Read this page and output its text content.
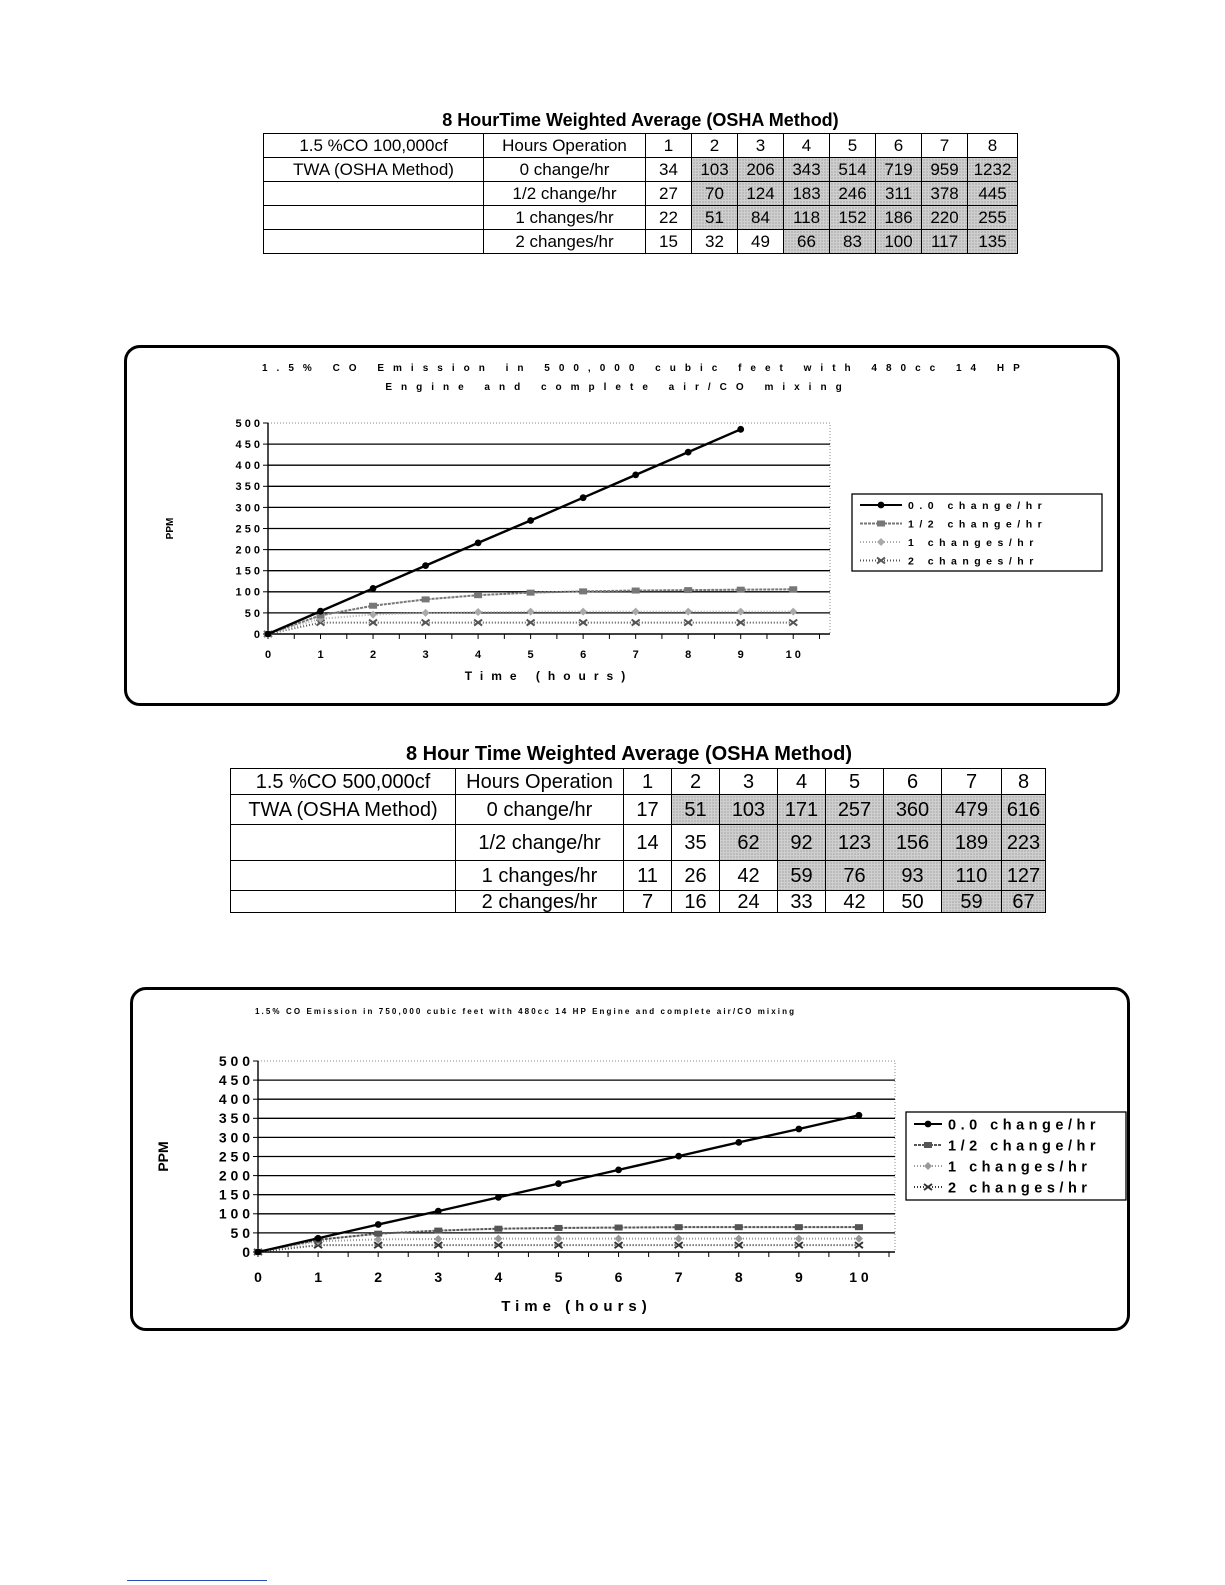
8 HourTime Weighted Average (OSHA Method)
1.5 %CO 100,000cf	Hours Operation	1	2	3	4	5	6	7	8
TWA (OSHA Method)	0 change/hr	34	103	206	343	514	719	959	1232
	1/2 change/hr	27	70	124	183	246	311	378	445
	1 changes/hr	22	51	84	118	152	186	220	255
	2 changes/hr	15	32	49	66	83	100	117	135
1.5% CO Emission in 500,000 cubic feet with 480cc 14 HP
Engine and complete air/CO mixing
0
5 0
1 0 0
1 5 0
2 0 0
2 5 0
3 0 0
3 5 0
4 0 0
4 5 0
5 0 0
0	1	2	3	4	5	6	7	8	9	1 0
Time (hours)
PPM
0.0 change/hr
1/2 change/hr
1 changes/hr
2 changes/hr
8 Hour Time Weighted Average (OSHA Method)
1.5 %CO 500,000cf	Hours Operation	1	2	3	4	5	6	7	8
TWA (OSHA Method)	0 change/hr	17	51	103	171	257	360	479	616
	1/2 change/hr	14	35	62	92	123	156	189	223
	1 changes/hr	11	26	42	59	76	93	110	127
	2 changes/hr	7	16	24	33	42	50	59	67
1.5% CO Emission in 750,000 cubic feet with 480cc 14 HP Engine and complete air/CO mixing
0
5 0
1 0 0
1 5 0
2 0 0
2 5 0
3 0 0
3 5 0
4 0 0
4 5 0
5 0 0
0	1	2	3	4	5	6	7	8	9	1 0
Time (hours)
PPM
0.0 change/hr
1/2 change/hr
1 changes/hr
2 changes/hr
